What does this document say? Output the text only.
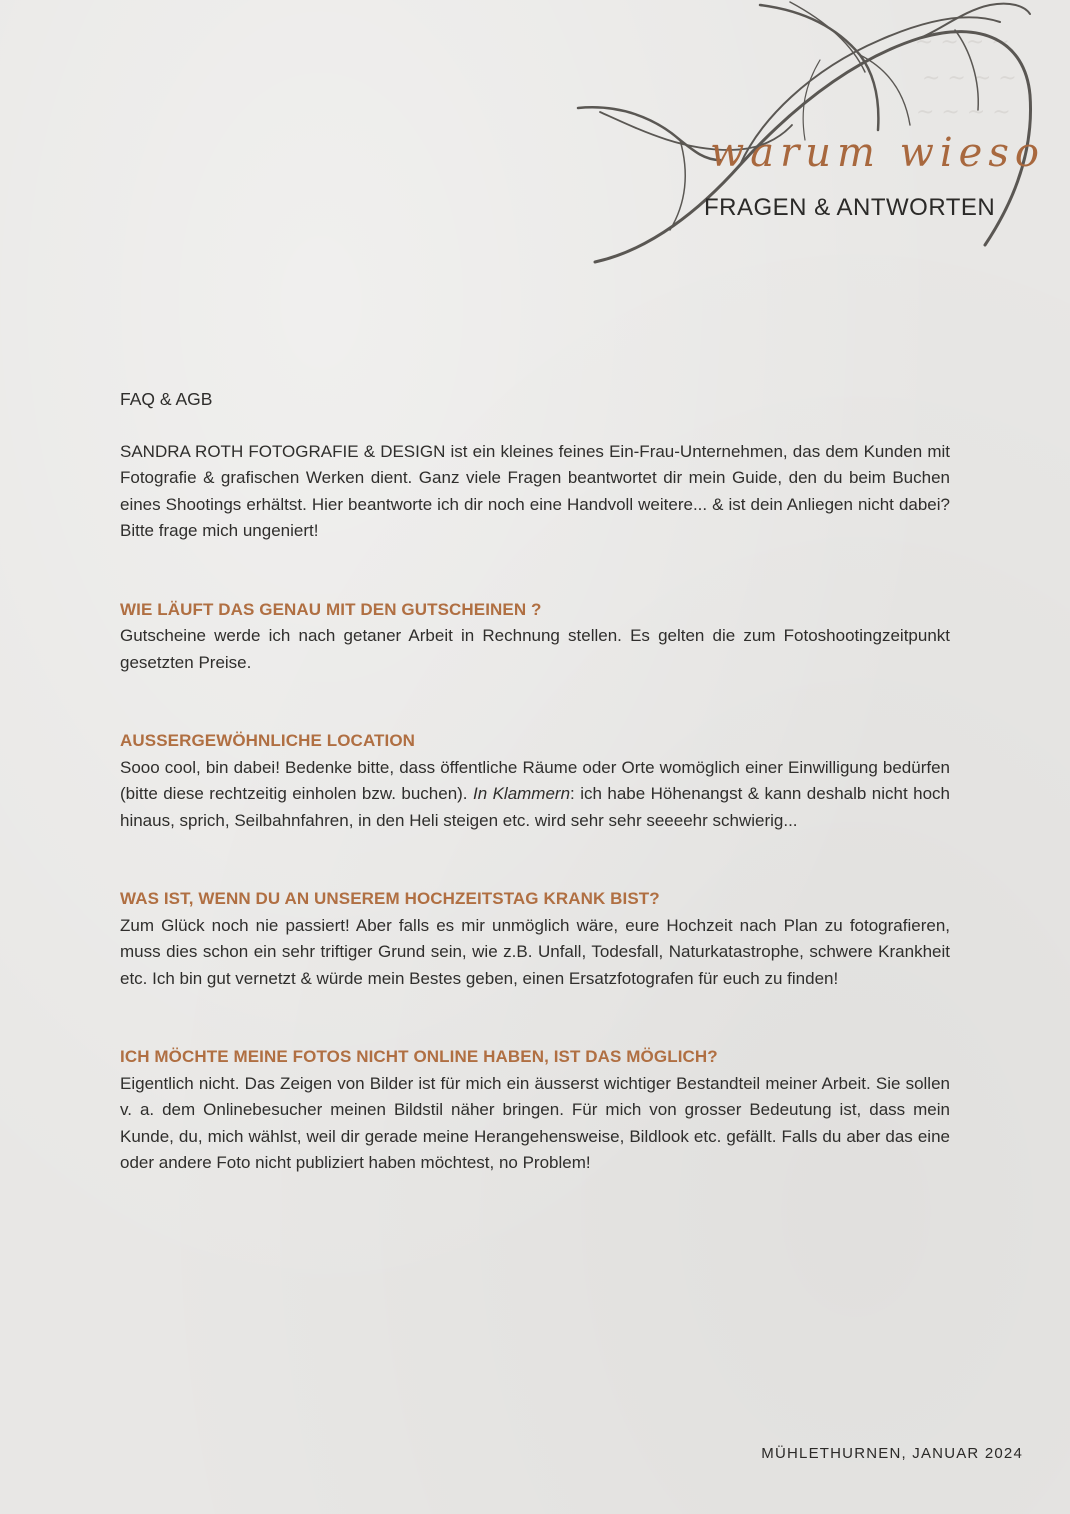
~ ~ ~ ~
~ ~ ~ ~
~ ~ ~ ~
warum wieso
FRAGEN & ANTWORTEN
FAQ & AGB

SANDRA ROTH FOTOGRAFIE & DESIGN ist ein kleines feines Ein-Frau-Unternehmen, das dem Kunden mit Fotografie & grafischen Werken dient. Ganz viele Fragen beantwortet dir mein Guide, den du beim Buchen eines Shootings erhältst. Hier beantworte ich dir noch eine Handvoll weitere... & ist dein Anliegen nicht dabei? Bitte frage mich ungeniert!

WIE LÄUFT DAS GENAU MIT DEN GUTSCHEINEN ?

Gutscheine werde ich nach getaner Arbeit in Rechnung stellen. Es gelten die zum Fotoshootingzeitpunkt gesetzten Preise.

AUSSERGEWÖHNLICHE LOCATION

Sooo cool, bin dabei! Bedenke bitte, dass öffentliche Räume oder Orte womöglich einer Einwilligung bedürfen (bitte diese rechtzeitig einholen bzw. buchen). In Klammern: ich habe Höhenangst & kann deshalb nicht hoch hinaus, sprich, Seilbahnfahren, in den Heli steigen etc. wird sehr sehr seeeehr schwierig...

WAS IST, WENN DU AN UNSEREM HOCHZEITSTAG KRANK BIST?

Zum Glück noch nie passiert! Aber falls es mir unmöglich wäre, eure Hochzeit nach Plan zu fotografieren, muss dies schon ein sehr triftiger Grund sein, wie z.B. Unfall, Todesfall, Naturkatastrophe, schwere Krankheit etc. Ich bin gut vernetzt & würde mein Bestes geben, einen Ersatzfotografen für euch zu finden!

ICH MÖCHTE MEINE FOTOS NICHT ONLINE HABEN, IST DAS MÖGLICH?

Eigentlich nicht. Das Zeigen von Bilder ist für mich ein äusserst wichtiger Bestandteil meiner Arbeit. Sie sollen v. a. dem Onlinebesucher meinen Bildstil näher bringen. Für mich von grosser Bedeutung ist, dass mein Kunde, du, mich wählst, weil dir gerade meine Herangehensweise, Bildlook etc. gefällt. Falls du aber das eine oder andere Foto nicht publiziert haben möchtest, no Problem!

MÜHLETHURNEN, JANUAR 2024
